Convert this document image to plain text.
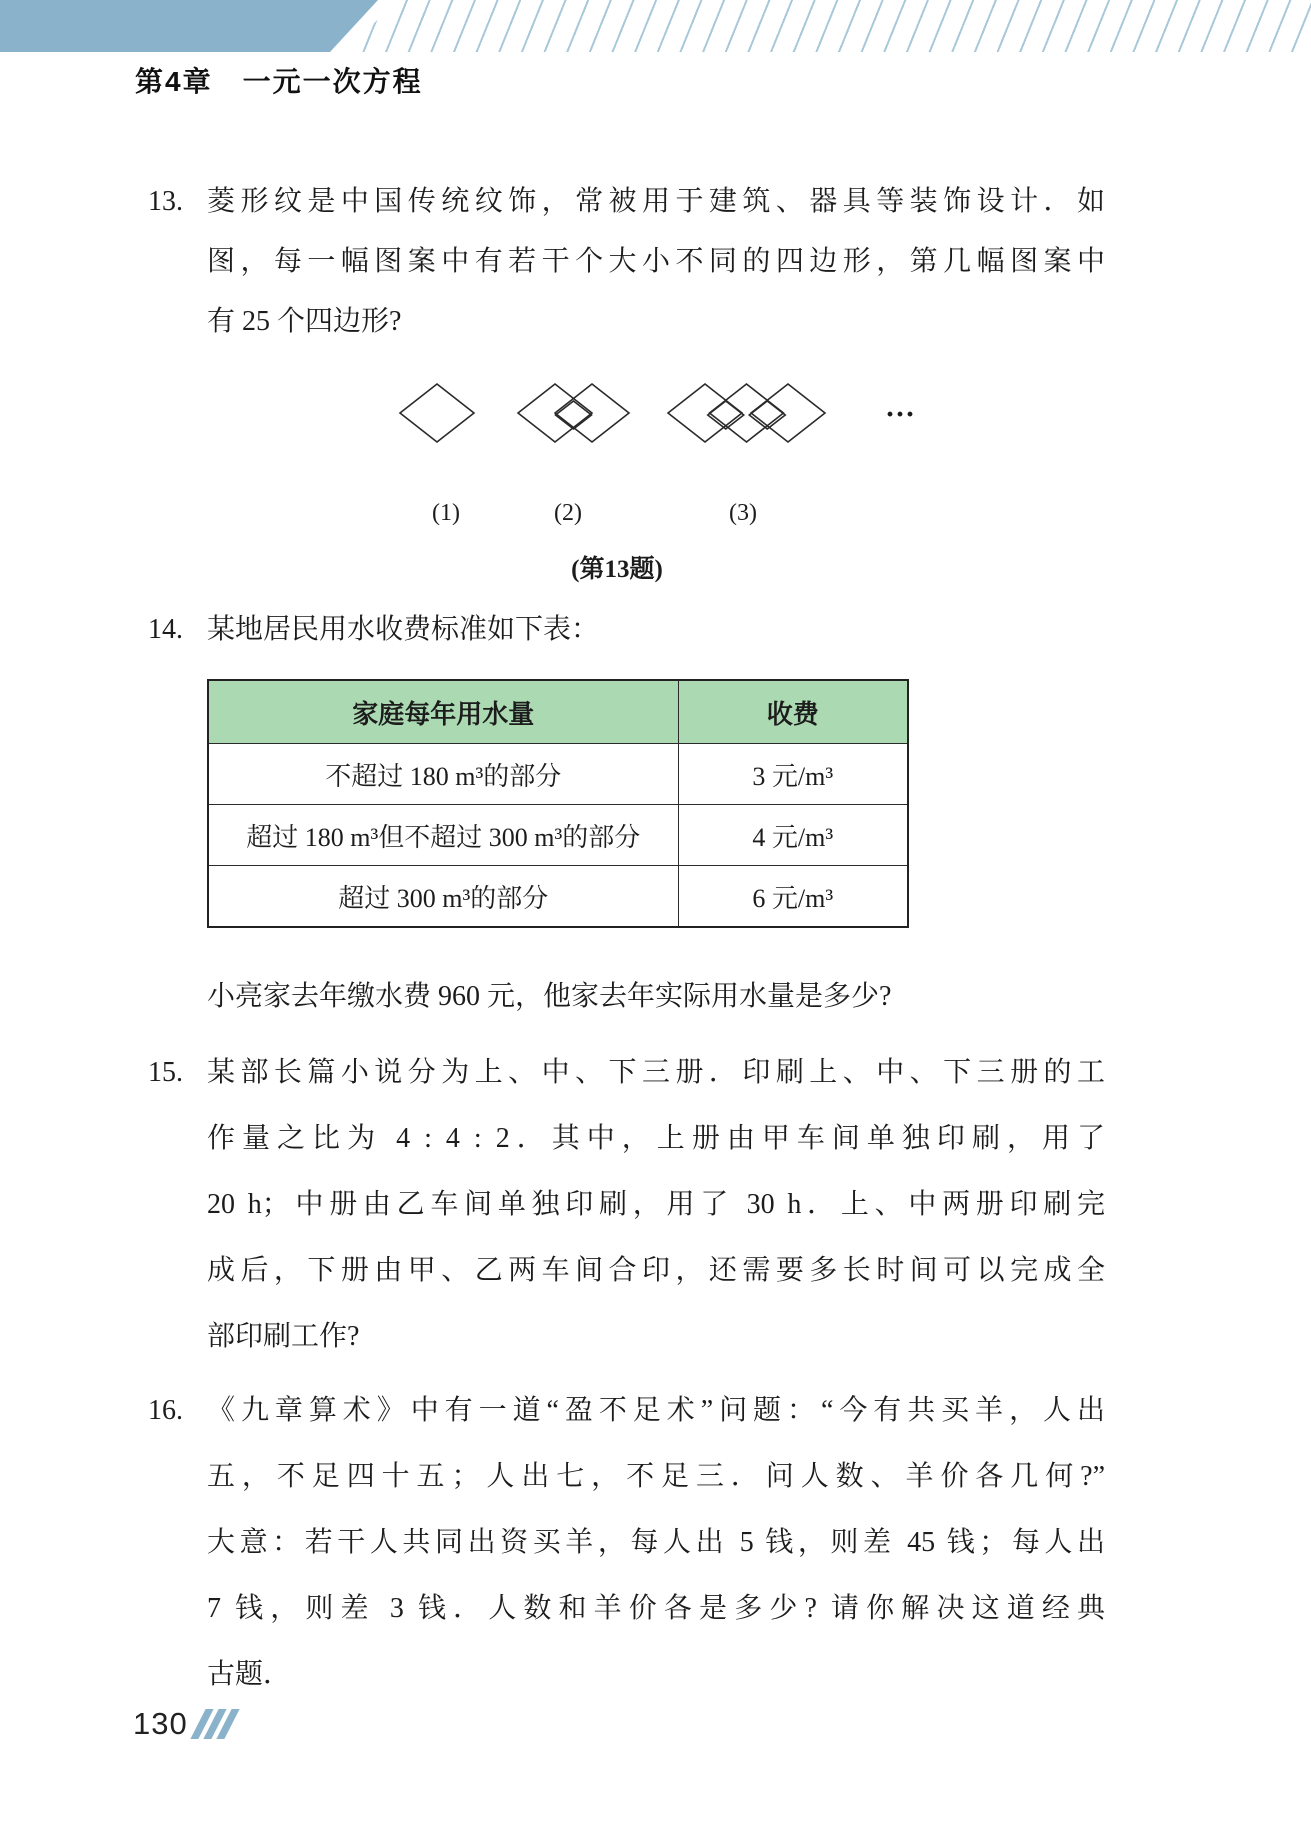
第4章　一元一次方程
13. 菱形纹是中国传统纹饰，常被用于建筑、器具等装饰设计．如
图，每一幅图案中有若干个大小不同的四边形，第几幅图案中
有 25 个四边形?
···
(1)	(2)	(3)
(第13题)
14. 某地居民用水收费标准如下表：
家庭每年用水量	收费
不超过 180 m³的部分	3 元/m³
超过 180 m³但不超过 300 m³的部分	4 元/m³
超过 300 m³的部分	6 元/m³
小亮家去年缴水费 960 元，他家去年实际用水量是多少?
15. 某部长篇小说分为上、中、下三册．印刷上、中、下三册的工
作量之比为 4 : 4 : 2．其中，上册由甲车间单独印刷，用了
20 h；中册由乙车间单独印刷，用了 30 h．上、中两册印刷完
成后，下册由甲、乙两车间合印，还需要多长时间可以完成全
部印刷工作?
16. 《九章算术》中有一道“盈不足术”问题：“今有共买羊，人出
五，不足四十五；人出七，不足三．问人数、羊价各几何?”
大意：若干人共同出资买羊，每人出 5 钱，则差 45 钱；每人出
7 钱，则差 3 钱．人数和羊价各是多少? 请你解决这道经典
古题．
130
